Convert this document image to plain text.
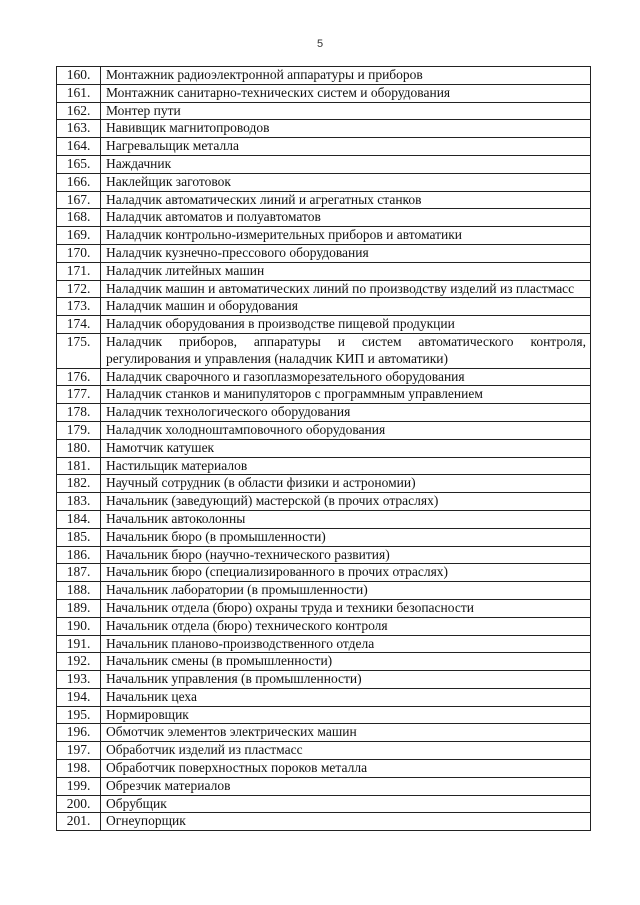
5
160.	Монтажник радиоэлектронной аппаратуры и приборов
161.	Монтажник санитарно-технических систем и оборудования
162.	Монтер пути
163.	Навивщик магнитопроводов
164.	Нагревальщик металла
165.	Наждачник
166.	Наклейщик заготовок
167.	Наладчик автоматических линий и агрегатных станков
168.	Наладчик автоматов и полуавтоматов
169.	Наладчик контрольно-измерительных приборов и автоматики
170.	Наладчик кузнечно-прессового оборудования
171.	Наладчик литейных машин
172.	Наладчик машин и автоматических линий по производству изделий из пластмасс
173.	Наладчик машин и оборудования
174.	Наладчик оборудования в производстве пищевой продукции
175.	Наладчик приборов, аппаратуры и систем автоматического контроля, регулирования и управления (наладчик КИП и автоматики)
176.	Наладчик сварочного и газоплазморезательного оборудования
177.	Наладчик станков и манипуляторов с программным управлением
178.	Наладчик технологического оборудования
179.	Наладчик холодноштамповочного оборудования
180.	Намотчик катушек
181.	Настильщик материалов
182.	Научный сотрудник (в области физики и астрономии)
183.	Начальник (заведующий) мастерской (в прочих отраслях)
184.	Начальник автоколонны
185.	Начальник бюро (в промышленности)
186.	Начальник бюро (научно-технического развития)
187.	Начальник бюро (специализированного в прочих отраслях)
188.	Начальник лаборатории (в промышленности)
189.	Начальник отдела (бюро) охраны труда и техники безопасности
190.	Начальник отдела (бюро) технического контроля
191.	Начальник планово-производственного отдела
192.	Начальник смены (в промышленности)
193.	Начальник управления (в промышленности)
194.	Начальник цеха
195.	Нормировщик
196.	Обмотчик элементов электрических машин
197.	Обработчик изделий из пластмасс
198.	Обработчик поверхностных пороков металла
199.	Обрезчик материалов
200.	Обрубщик
201.	Огнеупорщик
